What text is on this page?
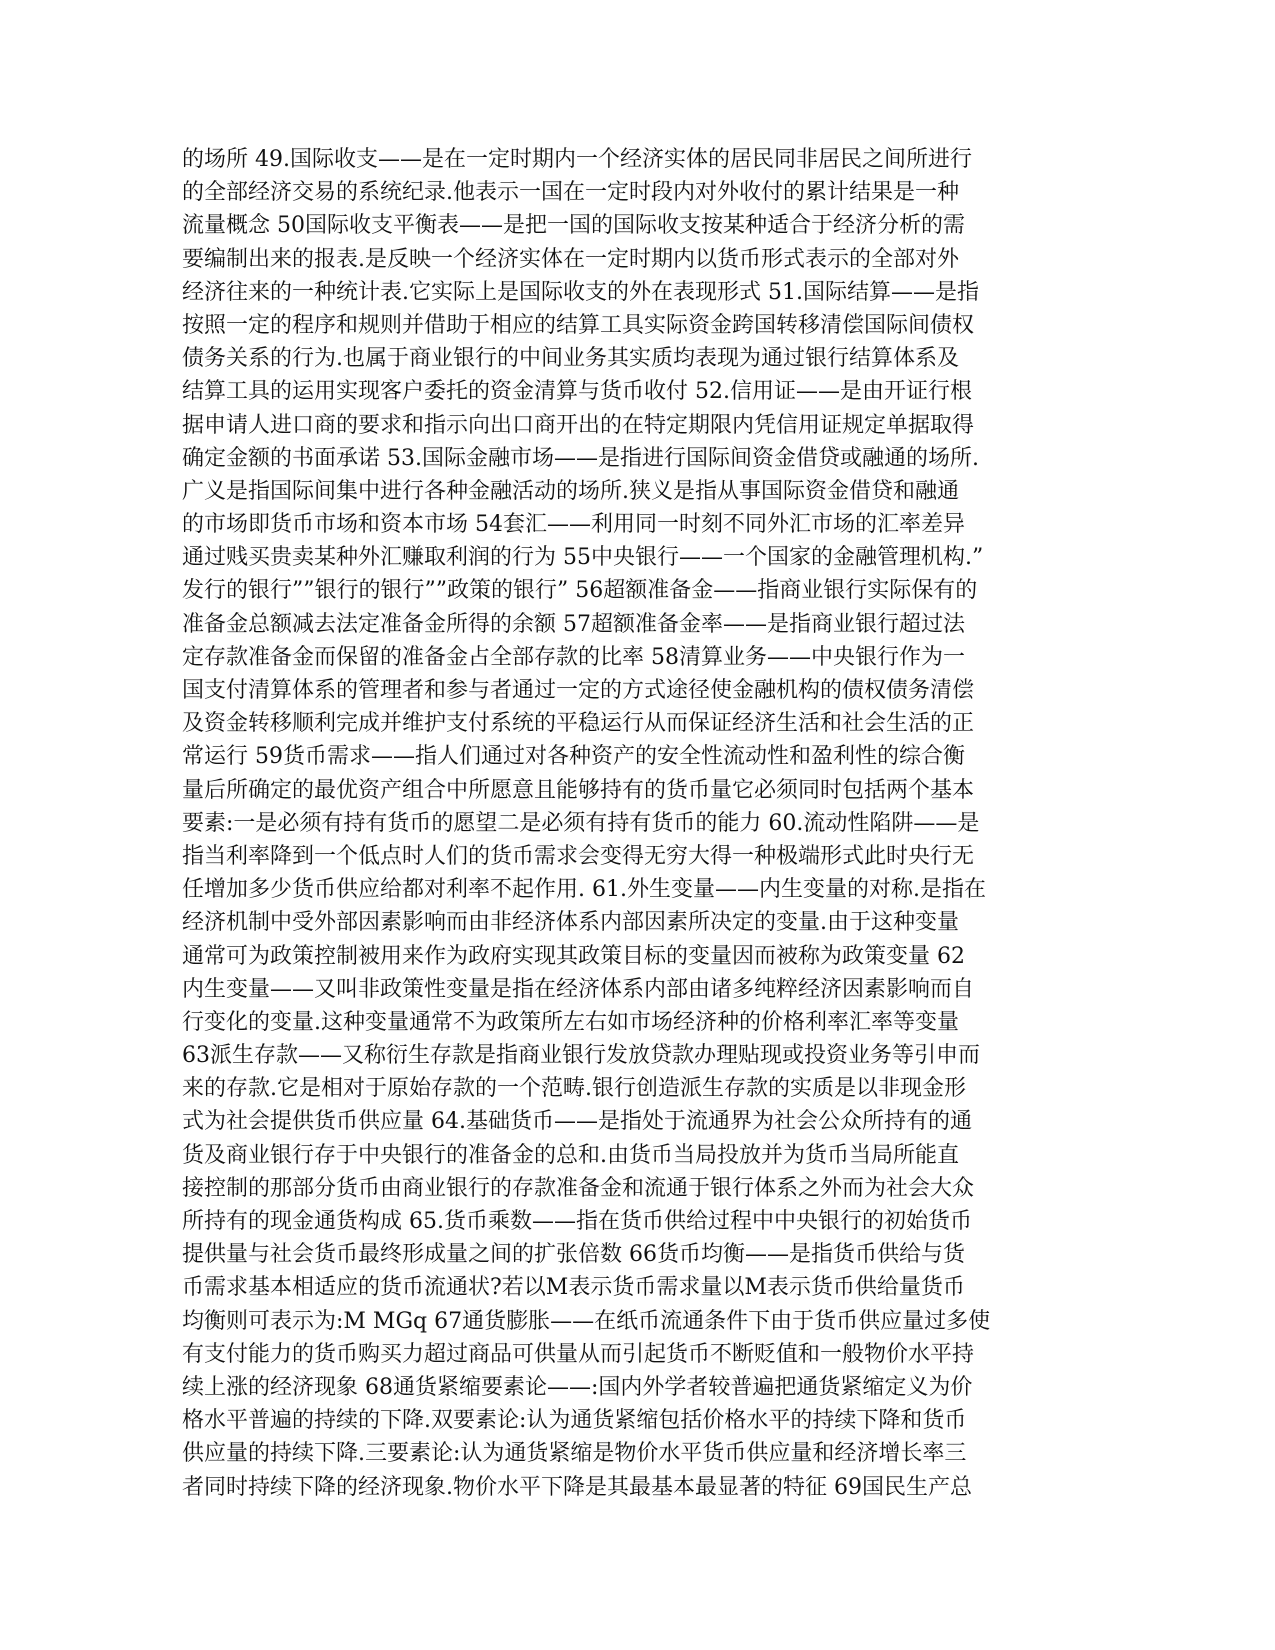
的场所 49.国际收支——是在一定时期内一个经济实体的居民同非居民之间所进行
的全部经济交易的系统纪录.他表示一国在一定时段内对外收付的累计结果是一种
流量概念 50国际收支平衡表——是把一国的国际收支按某种适合于经济分析的需
要编制出来的报表.是反映一个经济实体在一定时期内以货币形式表示的全部对外
经济往来的一种统计表.它实际上是国际收支的外在表现形式 51.国际结算——是指
按照一定的程序和规则并借助于相应的结算工具实际资金跨国转移清偿国际间债权
债务关系的行为.也属于商业银行的中间业务其实质均表现为通过银行结算体系及
结算工具的运用实现客户委托的资金清算与货币收付 52.信用证——是由开证行根
据申请人进口商的要求和指示向出口商开出的在特定期限内凭信用证规定单据取得
确定金额的书面承诺 53.国际金融市场——是指进行国际间资金借贷或融通的场所.
广义是指国际间集中进行各种金融活动的场所.狭义是指从事国际资金借贷和融通
的市场即货币市场和资本市场 54套汇——利用同一时刻不同外汇市场的汇率差异
通过贱买贵卖某种外汇赚取利润的行为 55中央银行——一个国家的金融管理机构.”
发行的银行””银行的银行””政策的银行” 56超额准备金——指商业银行实际保有的
准备金总额减去法定准备金所得的余额 57超额准备金率——是指商业银行超过法
定存款准备金而保留的准备金占全部存款的比率 58清算业务——中央银行作为一
国支付清算体系的管理者和参与者通过一定的方式途径使金融机构的债权债务清偿
及资金转移顺利完成并维护支付系统的平稳运行从而保证经济生活和社会生活的正
常运行 59货币需求——指人们通过对各种资产的安全性流动性和盈利性的综合衡
量后所确定的最优资产组合中所愿意且能够持有的货币量它必须同时包括两个基本
要素:一是必须有持有货币的愿望二是必须有持有货币的能力 60.流动性陷阱——是
指当利率降到一个低点时人们的货币需求会变得无穷大得一种极端形式此时央行无
任增加多少货币供应给都对利率不起作用. 61.外生变量——内生变量的对称.是指在
经济机制中受外部因素影响而由非经济体系内部因素所决定的变量.由于这种变量
通常可为政策控制被用来作为政府实现其政策目标的变量因而被称为政策变量 62
内生变量——又叫非政策性变量是指在经济体系内部由诸多纯粹经济因素影响而自
行变化的变量.这种变量通常不为政策所左右如市场经济种的价格利率汇率等变量
63派生存款——又称衍生存款是指商业银行发放贷款办理贴现或投资业务等引申而
来的存款.它是相对于原始存款的一个范畴.银行创造派生存款的实质是以非现金形
式为社会提供货币供应量 64.基础货币——是指处于流通界为社会公众所持有的通
货及商业银行存于中央银行的准备金的总和.由货币当局投放并为货币当局所能直
接控制的那部分货币由商业银行的存款准备金和流通于银行体系之外而为社会大众
所持有的现金通货构成 65.货币乘数——指在货币供给过程中中央银行的初始货币
提供量与社会货币最终形成量之间的扩张倍数 66货币均衡——是指货币供给与货
币需求基本相适应的货币流通状?若以M表示货币需求量以M表示货币供给量货币
均衡则可表示为:M MGq 67通货膨胀——在纸币流通条件下由于货币供应量过多使
有支付能力的货币购买力超过商品可供量从而引起货币不断贬值和一般物价水平持
续上涨的经济现象 68通货紧缩要素论——:国内外学者较普遍把通货紧缩定义为价
格水平普遍的持续的下降.双要素论:认为通货紧缩包括价格水平的持续下降和货币
供应量的持续下降.三要素论:认为通货紧缩是物价水平货币供应量和经济增长率三
者同时持续下降的经济现象.物价水平下降是其最基本最显著的特征 69国民生产总
